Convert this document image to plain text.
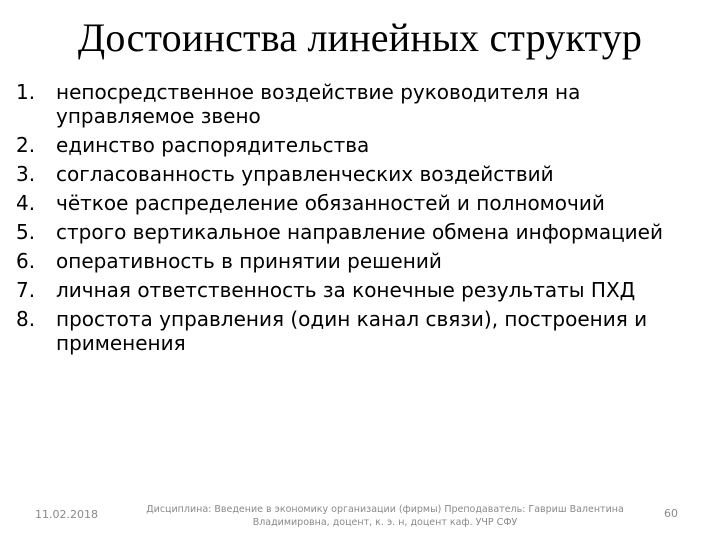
Достоинства линейных структур
1.	непосредственное воздействие руководителя на управляемое звено
2.	единство распорядительства
3.	согласованность управленческих воздействий
4.	чёткое распределение обязанностей и полномочий
5.	строго вертикальное направление обмена информацией
6.	оперативность в принятии решений
7.	личная ответственность за конечные результаты ПХД
8.	простота управления (один канал связи), построения и применения
11.02.2018	Дисциплина: Введение в экономику организации (фирмы) Преподаватель: Гавриш Валентина Владимировна, доцент, к. э. н, доцент каф. УЧР СФУ
60
